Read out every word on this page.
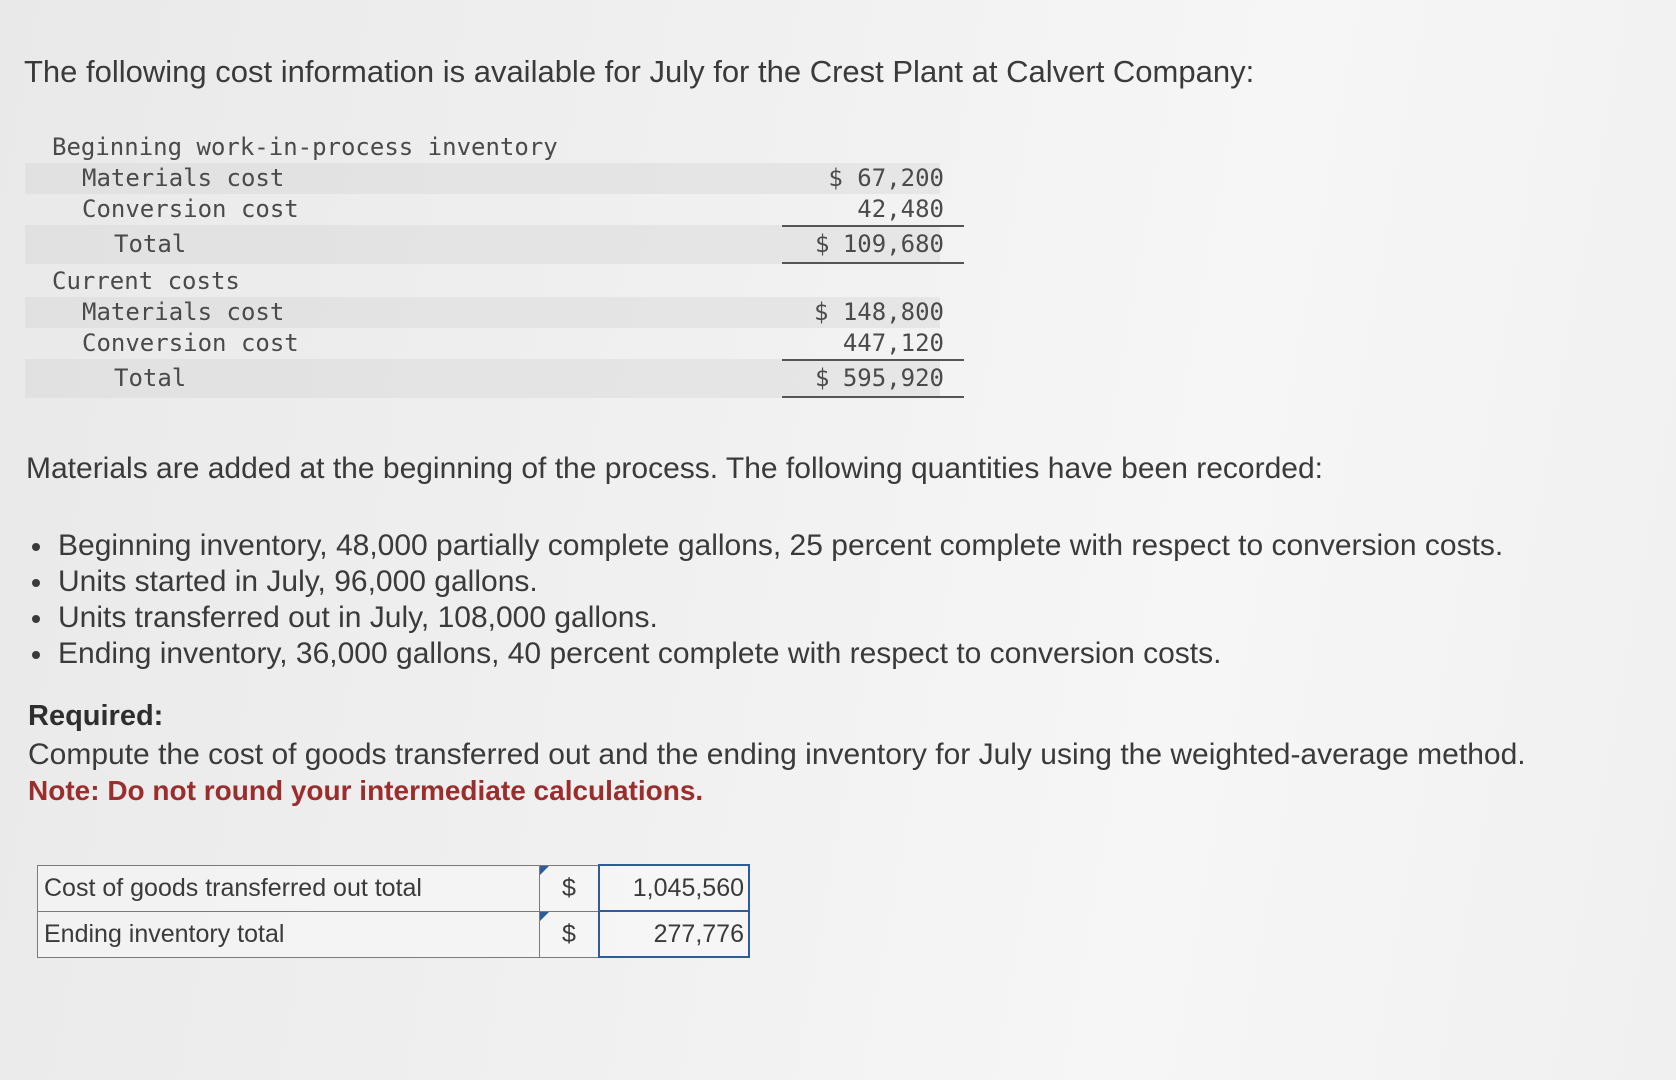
The following cost information is available for July for the Crest Plant at Calvert Company:
Beginning work-in-process inventory
Materials cost	$ 67,200
Conversion cost	42,480
Total	$ 109,680
Current costs
Materials cost	$ 148,800
Conversion cost	447,120
Total	$ 595,920
Materials are added at the beginning of the process. The following quantities have been recorded:
Beginning inventory, 48,000 partially complete gallons, 25 percent complete with respect to conversion costs.
Units started in July, 96,000 gallons.
Units transferred out in July, 108,000 gallons.
Ending inventory, 36,000 gallons, 40 percent complete with respect to conversion costs.
Required:
Compute the cost of goods transferred out and the ending inventory for July using the weighted-average method.
Note: Do not round your intermediate calculations.
Cost of goods transferred out total	$	1,045,560
Ending inventory total	$	277,776
